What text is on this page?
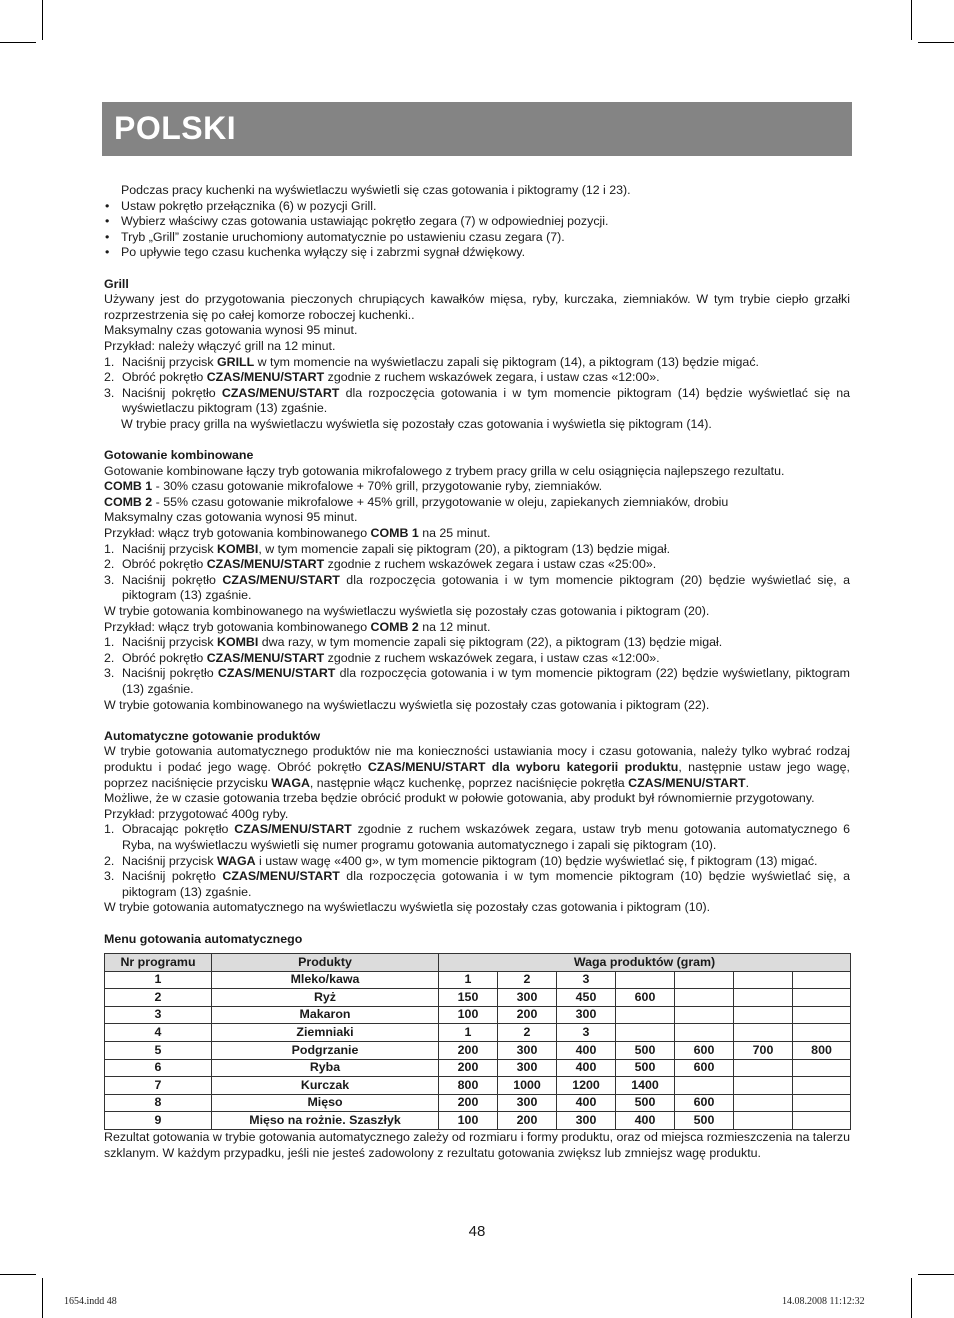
POLSKI

Podczas pracy kuchenki na wyświetlaczu wyświetli się czas gotowania i piktogramy (12 i 23).

• Ustaw pokrętło przełącznika (6) w pozycji Grill.

• Wybierz właściwy czas gotowania ustawiając pokrętło zegara (7) w odpowiedniej pozycji.

• Tryb „Grill” zostanie uruchomiony automatycznie po ustawieniu czasu zegara (7).

• Po upływie tego czasu kuchenka wyłączy się i zabrzmi sygnał dźwiękowy.

Grill

Używany jest do przygotowania pieczonych chrupiących kawałków mięsa, ryby, kurczaka, ziemniaków. W tym trybie ciepło grzałki rozprzestrzenia się po całej komorze roboczej kuchenki..

Maksymalny czas gotowania wynosi 95 minut.

Przykład: należy włączyć grill na 12 minut.

1. Naciśnij przycisk GRILL w tym momencie na wyświetlaczu zapali się piktogram (14), a piktogram (13) będzie migać.

2. Obróć pokrętło CZAS/MENU/START zgodnie z ruchem wskazówek zegara, i ustaw czas «12:00».

3. Naciśnij pokrętło CZAS/MENU/START dla rozpoczęcia gotowania i w tym momencie piktogram (14) będzie wyświetlać się na wyświetlaczu piktogram (13) zgaśnie.

W trybie pracy grilla na wyświetlaczu wyświetla się pozostały czas gotowania i wyświetla się piktogram (14).

Gotowanie kombinowane

Gotowanie kombinowane łączy tryb gotowania mikrofalowego z trybem pracy grilla w celu osiągnięcia najlepszego rezultatu.

COMB 1 - 30% czasu gotowanie mikrofalowe + 70% grill, przygotowanie ryby, ziemniaków.

COMB 2 - 55% czasu gotowanie mikrofalowe + 45% grill, przygotowanie w oleju, zapiekanych ziemniaków, drobiu

Maksymalny czas gotowania wynosi 95 minut.

Przykład: włącz tryb gotowania kombinowanego COMB 1 na 25 minut.

1. Naciśnij przycisk KOMBI, w tym momencie zapali się piktogram (20), a piktogram (13) będzie migał.

2. Obróć pokrętło CZAS/MENU/START zgodnie z ruchem wskazówek zegara i ustaw czas «25:00».

3. Naciśnij pokrętło CZAS/MENU/START dla rozpoczęcia gotowania i w tym momencie piktogram (20) będzie wyświetlać się, a piktogram (13) zgaśnie.

W trybie gotowania kombinowanego na wyświetlaczu wyświetla się pozostały czas gotowania i piktogram (20).

Przykład: włącz tryb gotowania kombinowanego COMB 2 na 12 minut.

1. Naciśnij przycisk KOMBI dwa razy, w tym momencie zapali się piktogram (22), a piktogram (13) będzie migał.

2. Obróć pokrętło CZAS/MENU/START zgodnie z ruchem wskazówek zegara, i ustaw czas «12:00».

3. Naciśnij pokrętło CZAS/MENU/START dla rozpoczęcia gotowania i w tym momencie piktogram (22) będzie wyświetlany, piktogram (13) zgaśnie.

W trybie gotowania kombinowanego na wyświetlaczu wyświetla się pozostały czas gotowania i piktogram (22).

Automatyczne gotowanie produktów

W trybie gotowania automatycznego produktów nie ma konieczności ustawiania mocy i czasu gotowania, należy tylko wybrać rodzaj produktu i podać jego wagę. Obróć pokrętło CZAS/MENU/START dla wyboru kategorii produktu, następnie ustaw jego wagę, poprzez naciśnięcie przycisku WAGA, następnie włącz kuchenkę, poprzez naciśnięcie pokrętła CZAS/MENU/START.

Możliwe, że w czasie gotowania trzeba będzie obrócić produkt w połowie gotowania, aby produkt był równomiernie przygotowany.

Przykład: przygotować 400g ryby.

1. Obracając pokrętło CZAS/MENU/START zgodnie z ruchem wskazówek zegara, ustaw tryb menu gotowania automatycznego 6 Ryba, na wyświetlaczu wyświetli się numer programu gotowania automatycznego i zapali się piktogram (10).

2. Naciśnij przycisk WAGA i ustaw wagę «400 g», w tym momencie piktogram (10) będzie wyświetlać się, f piktogram (13) migać.

3. Naciśnij pokrętło CZAS/MENU/START dla rozpoczęcia gotowania i w tym momencie piktogram (10) będzie wyświetlać się, a piktogram (13) zgaśnie.

W trybie gotowania automatycznego na wyświetlaczu wyświetla się pozostały czas gotowania i piktogram (10).

Menu gotowania automatycznego

Nr programu	Produkty	Waga produktów (gram)						
1	Mleko/kawa	1	2	3				
2	Ryż	150	300	450	600			
3	Makaron	100	200	300				
4	Ziemniaki	1	2	3				
5	Podgrzanie	200	300	400	500	600	700	800
6	Ryba	200	300	400	500	600		
7	Kurczak	800	1000	1200	1400			
8	Mięso	200	300	400	500	600		
9	Mięso na rożnie. Szaszłyk	100	200	300	400	500		

Rezultat gotowania w trybie gotowania automatycznego zależy od rozmiaru i formy produktu, oraz od miejsca rozmieszczenia na talerzu szklanym. W każdym przypadku, jeśli nie jesteś zadowolony z rezultatu gotowania zwiększ lub zmniejsz wagę produktu.

48
1654.indd 48	14.08.2008 11:12:32
